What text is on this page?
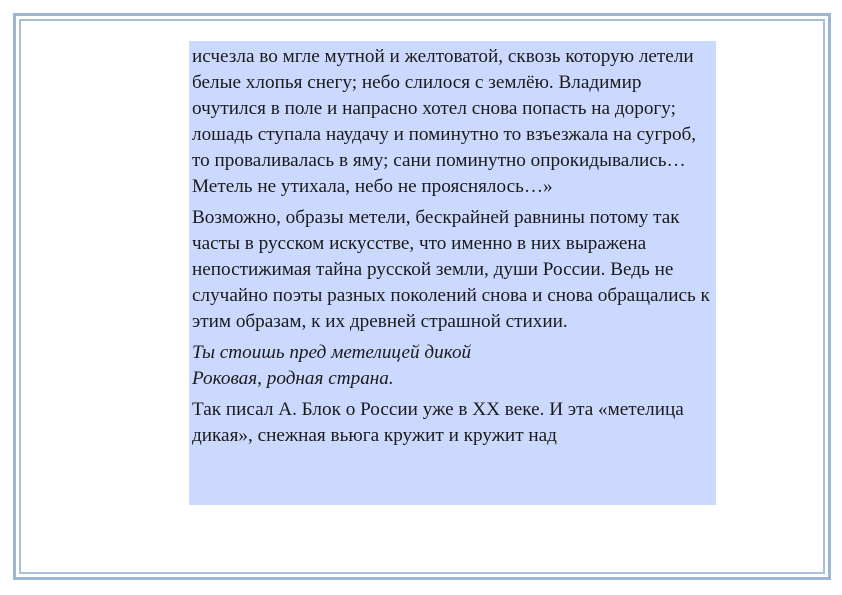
исчезла во мгле мутной и желтоватой, сквозь которую летели белые хлопья снегу; небо слилося с землёю. Владимир очутился в поле и напрасно хотел снова попасть на дорогу; лошадь ступала наудачу и поминутно то взъезжала на сугроб, то проваливалась в яму; сани поминутно опрокидывались… Метель не утихала, небо не прояснялось…»

Возможно, образы метели, бескрайней равнины потому так часты в русском искусстве, что именно в них выражена непостижимая тайна русской земли, души России. Ведь не случайно поэты разных поколений снова и снова обращались к этим образам, к их древней страшной стихии.

Ты стоишь пред метелицей дикой
Роковая, родная страна.

Так писал А. Блок о России уже в XX веке. И эта «метелица дикая», снежная вьюга кружит и кружит над
